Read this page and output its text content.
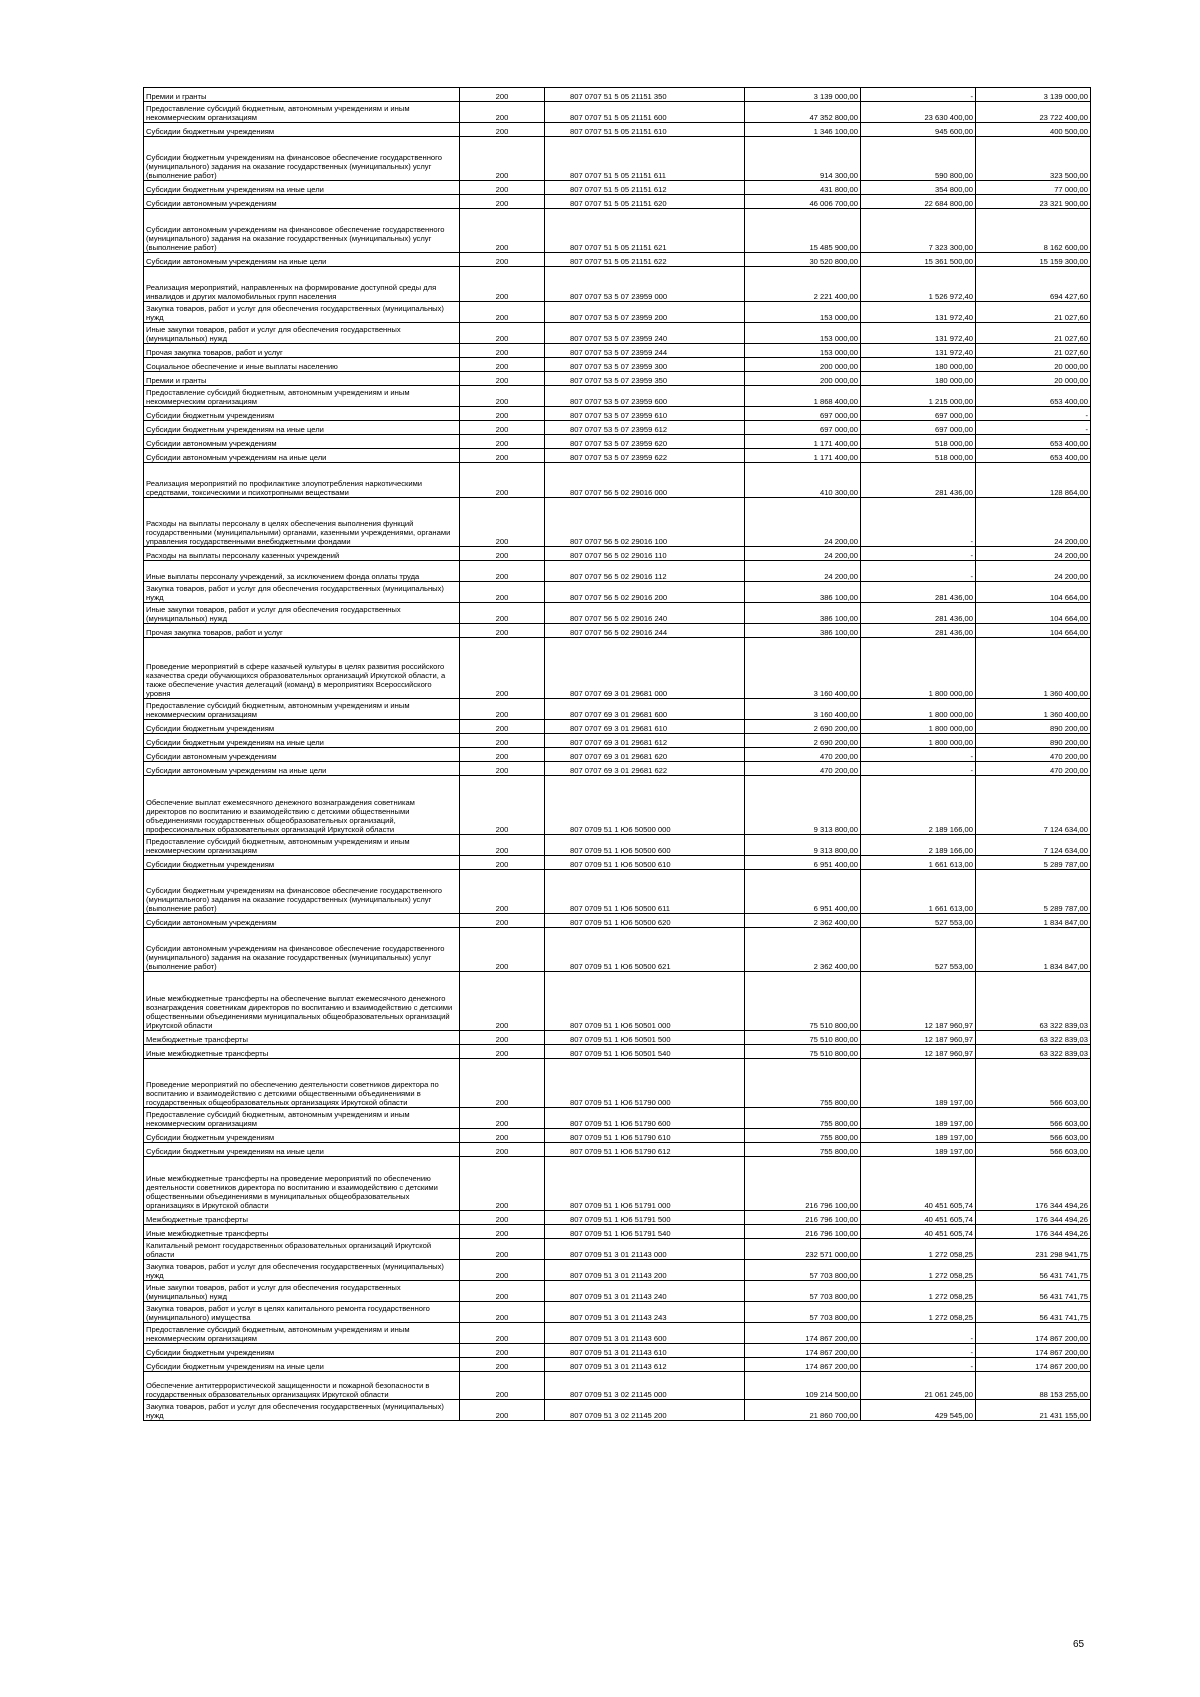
Премии и гранты	200	807 0707 51 5 05 21151 350	3 139 000,00	-	3 139 000,00
Предоставление субсидий бюджетным, автономным учреждениям и иным некоммерческим организациям	200	807 0707 51 5 05 21151 600	47 352 800,00	23 630 400,00	23 722 400,00
Субсидии бюджетным учреждениям	200	807 0707 51 5 05 21151 610	1 346 100,00	945 600,00	400 500,00
Субсидии бюджетным учреждениям на финансовое обеспечение государственного (муниципального) задания на оказание государственных (муниципальных) услуг (выполнение работ)	200	807 0707 51 5 05 21151 611	914 300,00	590 800,00	323 500,00
Субсидии бюджетным учреждениям на иные цели	200	807 0707 51 5 05 21151 612	431 800,00	354 800,00	77 000,00
Субсидии автономным учреждениям	200	807 0707 51 5 05 21151 620	46 006 700,00	22 684 800,00	23 321 900,00
Субсидии автономным учреждениям на финансовое обеспечение государственного (муниципального) задания на оказание государственных (муниципальных) услуг (выполнение работ)	200	807 0707 51 5 05 21151 621	15 485 900,00	7 323 300,00	8 162 600,00
Субсидии автономным учреждениям на иные цели	200	807 0707 51 5 05 21151 622	30 520 800,00	15 361 500,00	15 159 300,00
Реализация мероприятий, направленных на формирование доступной среды для инвалидов и других маломобильных групп населения	200	807 0707 53 5 07 23959 000	2 221 400,00	1 526 972,40	694 427,60
Закупка товаров, работ и услуг для обеспечения государственных (муниципальных) нужд	200	807 0707 53 5 07 23959 200	153 000,00	131 972,40	21 027,60
Иные закупки товаров, работ и услуг для обеспечения государственных (муниципальных) нужд	200	807 0707 53 5 07 23959 240	153 000,00	131 972,40	21 027,60
Прочая закупка товаров, работ и услуг	200	807 0707 53 5 07 23959 244	153 000,00	131 972,40	21 027,60
Социальное обеспечение и иные выплаты населению	200	807 0707 53 5 07 23959 300	200 000,00	180 000,00	20 000,00
Премии и гранты	200	807 0707 53 5 07 23959 350	200 000,00	180 000,00	20 000,00
Предоставление субсидий бюджетным, автономным учреждениям и иным некоммерческим организациям	200	807 0707 53 5 07 23959 600	1 868 400,00	1 215 000,00	653 400,00
Субсидии бюджетным учреждениям	200	807 0707 53 5 07 23959 610	697 000,00	697 000,00	-
Субсидии бюджетным учреждениям на иные цели	200	807 0707 53 5 07 23959 612	697 000,00	697 000,00	-
Субсидии автономным учреждениям	200	807 0707 53 5 07 23959 620	1 171 400,00	518 000,00	653 400,00
Субсидии автономным учреждениям на иные цели	200	807 0707 53 5 07 23959 622	1 171 400,00	518 000,00	653 400,00
Реализация мероприятий по профилактике злоупотребления наркотическими средствами, токсическими и психотропными веществами	200	807 0707 56 5 02 29016 000	410 300,00	281 436,00	128 864,00
Расходы на выплаты персоналу в целях обеспечения выполнения функций государственными (муниципальными) органами, казенными учреждениями, органами управления государственными внебюджетными фондами	200	807 0707 56 5 02 29016 100	24 200,00	-	24 200,00
Расходы на выплаты персоналу казенных учреждений	200	807 0707 56 5 02 29016 110	24 200,00	-	24 200,00
Иные выплаты персоналу учреждений, за исключением фонда оплаты труда	200	807 0707 56 5 02 29016 112	24 200,00	-	24 200,00
Закупка товаров, работ и услуг для обеспечения государственных (муниципальных) нужд	200	807 0707 56 5 02 29016 200	386 100,00	281 436,00	104 664,00
Иные закупки товаров, работ и услуг для обеспечения государственных (муниципальных) нужд	200	807 0707 56 5 02 29016 240	386 100,00	281 436,00	104 664,00
Прочая закупка товаров, работ и услуг	200	807 0707 56 5 02 29016 244	386 100,00	281 436,00	104 664,00
Проведение мероприятий в сфере казачьей культуры в целях развития российского казачества среди обучающихся образовательных организаций Иркутской области, а также обеспечение участия делегаций (команд) в мероприятиях Всероссийского уровня	200	807 0707 69 3 01 29681 000	3 160 400,00	1 800 000,00	1 360 400,00
Предоставление субсидий бюджетным, автономным учреждениям и иным некоммерческим организациям	200	807 0707 69 3 01 29681 600	3 160 400,00	1 800 000,00	1 360 400,00
Субсидии бюджетным учреждениям	200	807 0707 69 3 01 29681 610	2 690 200,00	1 800 000,00	890 200,00
Субсидии бюджетным учреждениям на иные цели	200	807 0707 69 3 01 29681 612	2 690 200,00	1 800 000,00	890 200,00
Субсидии автономным учреждениям	200	807 0707 69 3 01 29681 620	470 200,00	-	470 200,00
Субсидии автономным учреждениям на иные цели	200	807 0707 69 3 01 29681 622	470 200,00	-	470 200,00
Обеспечение выплат ежемесячного денежного вознаграждения советникам директоров по воспитанию и взаимодействию с детскими общественными объединениями государственных общеобразовательных организаций, профессиональных образовательных организаций Иркутской области	200	807 0709 51 1 Ю6 50500 000	9 313 800,00	2 189 166,00	7 124 634,00
Предоставление субсидий бюджетным, автономным учреждениям и иным некоммерческим организациям	200	807 0709 51 1 Ю6 50500 600	9 313 800,00	2 189 166,00	7 124 634,00
Субсидии бюджетным учреждениям	200	807 0709 51 1 Ю6 50500 610	6 951 400,00	1 661 613,00	5 289 787,00
Субсидии бюджетным учреждениям на финансовое обеспечение государственного (муниципального) задания на оказание государственных (муниципальных) услуг (выполнение работ)	200	807 0709 51 1 Ю6 50500 611	6 951 400,00	1 661 613,00	5 289 787,00
Субсидии автономным учреждениям	200	807 0709 51 1 Ю6 50500 620	2 362 400,00	527 553,00	1 834 847,00
Субсидии автономным учреждениям на финансовое обеспечение государственного (муниципального) задания на оказание государственных (муниципальных) услуг (выполнение работ)	200	807 0709 51 1 Ю6 50500 621	2 362 400,00	527 553,00	1 834 847,00
Иные межбюджетные трансферты на обеспечение выплат ежемесячного денежного вознаграждения советникам директоров по воспитанию и взаимодействию с детскими общественными объединениями муниципальных общеобразовательных организаций Иркутской области	200	807 0709 51 1 Ю6 50501 000	75 510 800,00	12 187 960,97	63 322 839,03
Межбюджетные трансферты	200	807 0709 51 1 Ю6 50501 500	75 510 800,00	12 187 960,97	63 322 839,03
Иные межбюджетные трансферты	200	807 0709 51 1 Ю6 50501 540	75 510 800,00	12 187 960,97	63 322 839,03
Проведение мероприятий по обеспечению деятельности советников директора по воспитанию и взаимодействию с детскими общественными объединениями в государственных общеобразовательных организациях Иркутской области	200	807 0709 51 1 Ю6 51790 000	755 800,00	189 197,00	566 603,00
Предоставление субсидий бюджетным, автономным учреждениям и иным некоммерческим организациям	200	807 0709 51 1 Ю6 51790 600	755 800,00	189 197,00	566 603,00
Субсидии бюджетным учреждениям	200	807 0709 51 1 Ю6 51790 610	755 800,00	189 197,00	566 603,00
Субсидии бюджетным учреждениям на иные цели	200	807 0709 51 1 Ю6 51790 612	755 800,00	189 197,00	566 603,00
Иные межбюджетные трансферты на проведение мероприятий по обеспечению деятельности советников директора по воспитанию и взаимодействию с детскими общественными объединениями в муниципальных общеобразовательных организациях в Иркутской области	200	807 0709 51 1 Ю6 51791 000	216 796 100,00	40 451 605,74	176 344 494,26
Межбюджетные трансферты	200	807 0709 51 1 Ю6 51791 500	216 796 100,00	40 451 605,74	176 344 494,26
Иные межбюджетные трансферты	200	807 0709 51 1 Ю6 51791 540	216 796 100,00	40 451 605,74	176 344 494,26
Капитальный ремонт государственных образовательных организаций Иркутской области	200	807 0709 51 3 01 21143 000	232 571 000,00	1 272 058,25	231 298 941,75
Закупка товаров, работ и услуг для обеспечения государственных (муниципальных) нужд	200	807 0709 51 3 01 21143 200	57 703 800,00	1 272 058,25	56 431 741,75
Иные закупки товаров, работ и услуг для обеспечения государственных (муниципальных) нужд	200	807 0709 51 3 01 21143 240	57 703 800,00	1 272 058,25	56 431 741,75
Закупка товаров, работ и услуг в целях капитального ремонта государственного (муниципального) имущества	200	807 0709 51 3 01 21143 243	57 703 800,00	1 272 058,25	56 431 741,75
Предоставление субсидий бюджетным, автономным учреждениям и иным некоммерческим организациям	200	807 0709 51 3 01 21143 600	174 867 200,00	-	174 867 200,00
Субсидии бюджетным учреждениям	200	807 0709 51 3 01 21143 610	174 867 200,00	-	174 867 200,00
Субсидии бюджетным учреждениям на иные цели	200	807 0709 51 3 01 21143 612	174 867 200,00	-	174 867 200,00
Обеспечение антитеррористической защищенности и пожарной безопасности в государственных образовательных организациях Иркутской области	200	807 0709 51 3 02 21145 000	109 214 500,00	21 061 245,00	88 153 255,00
Закупка товаров, работ и услуг для обеспечения государственных (муниципальных) нужд	200	807 0709 51 3 02 21145 200	21 860 700,00	429 545,00	21 431 155,00
65
